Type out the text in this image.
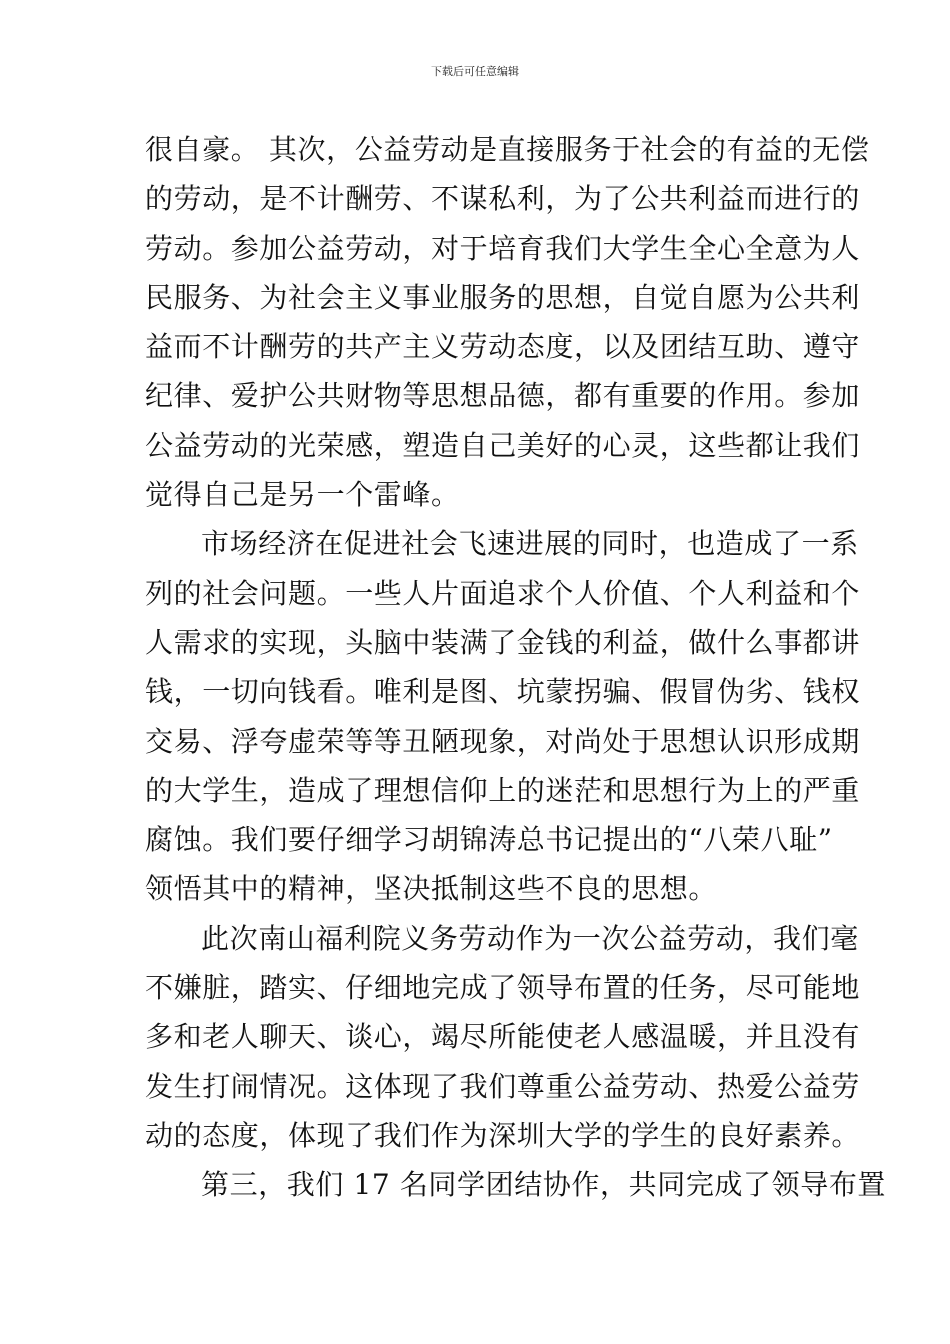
下载后可任意编辑
很自豪。 其次，公益劳动是直接服务于社会的有益的无偿
的劳动，是不计酬劳、不谋私利，为了公共利益而进行的
劳动。参加公益劳动，对于培育我们大学生全心全意为人
民服务、为社会主义事业服务的思想，自觉自愿为公共利
益而不计酬劳的共产主义劳动态度，以及团结互助、遵守
纪律、爱护公共财物等思想品德，都有重要的作用。参加
公益劳动的光荣感，塑造自己美好的心灵，这些都让我们
觉得自己是另一个雷峰。
市场经济在促进社会飞速进展的同时，也造成了一系
列的社会问题。一些人片面追求个人价值、个人利益和个
人需求的实现，头脑中装满了金钱的利益，做什么事都讲
钱，一切向钱看。唯利是图、坑蒙拐骗、假冒伪劣、钱权
交易、浮夸虚荣等等丑陋现象，对尚处于思想认识形成期
的大学生，造成了理想信仰上的迷茫和思想行为上的严重
腐蚀。我们要仔细学习胡锦涛总书记提出的“八荣八耻”
领悟其中的精神，坚决抵制这些不良的思想。
此次南山福利院义务劳动作为一次公益劳动，我们毫
不嫌脏，踏实、仔细地完成了领导布置的任务，尽可能地
多和老人聊天、谈心，竭尽所能使老人感温暖，并且没有
发生打闹情况。这体现了我们尊重公益劳动、热爱公益劳
动的态度，体现了我们作为深圳大学的学生的良好素养。
第三，我们 17 名同学团结协作，共同完成了领导布置
